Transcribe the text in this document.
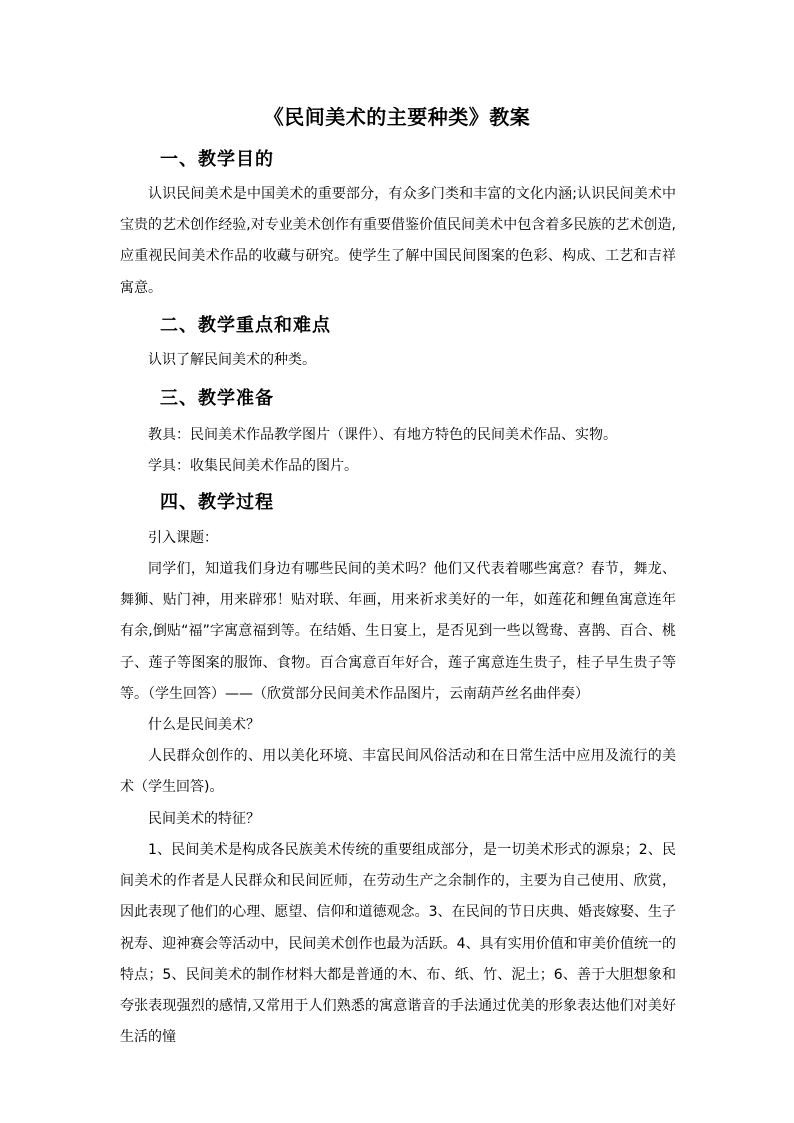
《民间美术的主要种类》教案
一、教学目的

认识民间美术是中国美术的重要部分，有众多门类和丰富的文化内涵;认识民间美术中宝贵的艺术创作经验,对专业美术创作有重要借鉴价值民间美术中包含着多民族的艺术创造,应重视民间美术作品的收藏与研究。使学生了解中国民间图案的色彩、构成、工艺和吉祥寓意。

二、教学重点和难点
认识了解民间美术的种类。
三、教学准备
教具：民间美术作品教学图片（课件）、有地方特色的民间美术作品、实物。
学具：收集民间美术作品的图片。
四、教学过程
引入课题：

同学们，知道我们身边有哪些民间的美术吗？他们又代表着哪些寓意？春节，舞龙、舞狮、贴门神，用来辟邪！贴对联、年画，用来祈求美好的一年，如莲花和鲤鱼寓意连年有余,倒贴“福”字寓意福到等。在结婚、生日宴上，是否见到一些以鸳鸯、喜鹊、百合、桃子、莲子等图案的服饰、食物。百合寓意百年好合，莲子寓意连生贵子，桂子早生贵子等等。（学生回答）——（欣赏部分民间美术作品图片，云南葫芦丝名曲伴奏）

什么是民间美术？

人民群众创作的、用以美化环境、丰富民间风俗活动和在日常生活中应用及流行的美术（学生回答)。

民间美术的特征？

1、民间美术是构成各民族美术传统的重要组成部分，是一切美术形式的源泉；2、民间美术的作者是人民群众和民间匠师，在劳动生产之余制作的，主要为自己使用、欣赏，因此表现了他们的心理、愿望、信仰和道德观念。3、在民间的节日庆典、婚丧嫁娶、生子祝寿、迎神赛会等活动中，民间美术创作也最为活跃。4、具有实用价值和审美价值统一的特点；5、民间美术的制作材料大都是普通的木、布、纸、竹、泥土；6、善于大胆想象和夸张表现强烈的感情,又常用于人们熟悉的寓意谐音的手法通过优美的形象表达他们对美好生活的憧
